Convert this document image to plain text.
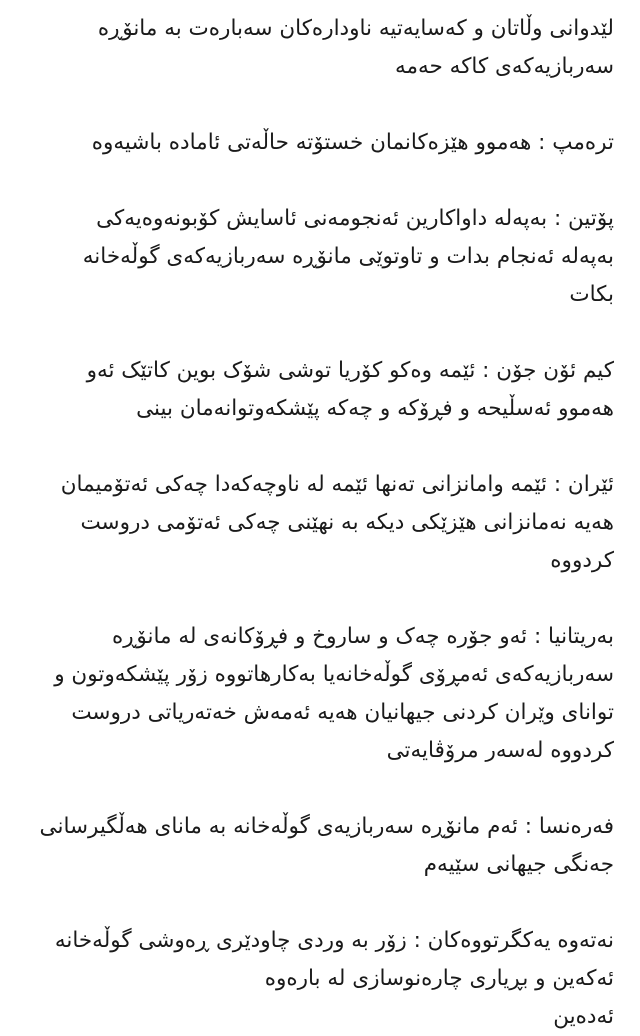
لێدوانی وڵاتان و کەسایەتیە ناودارەکان سەبارەت بە مانۆڕە
سەربازیەکەی کاکە حەمە
ترەمپ : هەموو هێزەکانمان خستۆتە حاڵەتی ئامادە باشیەوە
پۆتین : بەپەلە داواکارین ئەنجومەنی ئاسایش کۆبونەوەیەکی
بەپەلە ئەنجام بدات و تاوتوێی مانۆڕە سەربازیەکەی گوڵەخانە
بکات
کیم ئۆن جۆن : ئێمە وەکو کۆریا توشی شۆک بوین کاتێک ئەو
هەموو ئەسڵیحە و فڕۆکە و چەکە پێشکەوتوانەمان بینی
ئێران : ئێمە وامانزانی تەنها ئێمە لە ناوچەکەدا چەکی ئەتۆمیمان
هەیە نەمانزانی هێزێکی دیکە بە نهێنی چەکی ئەتۆمی دروست
کردووە
بەریتانیا : ئەو جۆرە چەک و ساروخ و فڕۆکانەی لە مانۆڕە
سەربازیەکەی ئەمڕۆی گوڵەخانەیا بەکارهاتووە زۆر پێشکەوتون و
توانای وێران کردنی جیهانیان هەیە ئەمەش خەتەریاتی دروست
کردووە لەسەر مرۆڤایەتی
فەرەنسا : ئەم مانۆڕە سەربازیەی گوڵەخانە بە مانای هەڵگیرسانی
جەنگی جیهانی سێیەم
نەتەوە یەکگرتووەکان : زۆر بە وردی چاودێری ڕەوشی گوڵەخانە
ئەکەین و بڕیاری چارەنوسازی لە بارەوە
ئەدەین
